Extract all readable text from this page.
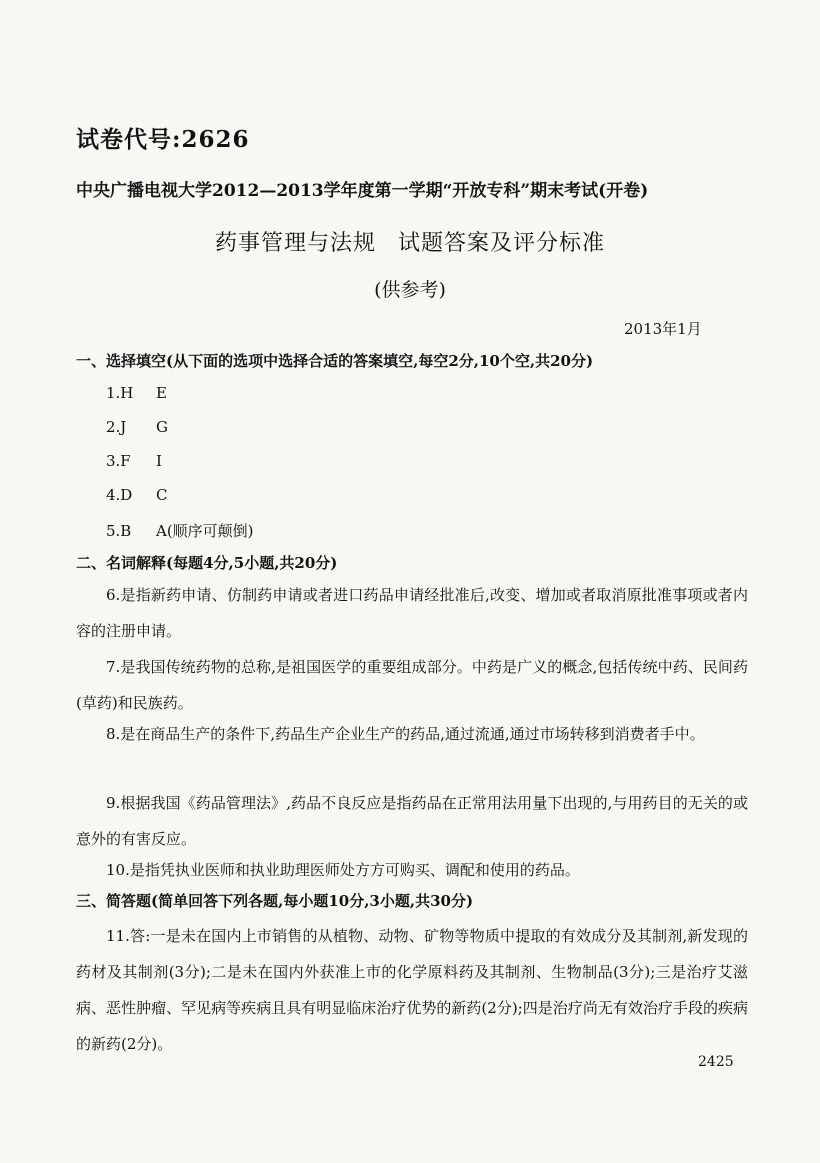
试卷代号:2626
中央广播电视大学2012—2013学年度第一学期“开放专科”期末考试(开卷)
药事管理与法规 试题答案及评分标准
(供参考)
2013年1月
一、选择填空(从下面的选项中选择合适的答案填空,每空2分,10个空,共20分)
1.H E
2.J G
3.F I
4.D C
5.B A(顺序可颠倒)
二、名词解释(每题4分,5小题,共20分)
6.是指新药申请、仿制药申请或者进口药品申请经批准后,改变、增加或者取消原批准事项或者内容的注册申请。
7.是我国传统药物的总称,是祖国医学的重要组成部分。中药是广义的概念,包括传统中药、民间药(草药)和民族药。
8.是在商品生产的条件下,药品生产企业生产的药品,通过流通,通过市场转移到消费者手中。
9.根据我国《药品管理法》,药品不良反应是指药品在正常用法用量下出现的,与用药目的无关的或意外的有害反应。
10.是指凭执业医师和执业助理医师处方方可购买、调配和使用的药品。
三、简答题(简单回答下列各题,每小题10分,3小题,共30分)
11.答:一是未在国内上市销售的从植物、动物、矿物等物质中提取的有效成分及其制剂,新发现的药材及其制剂(3分);二是未在国内外获准上市的化学原料药及其制剂、生物制品(3分);三是治疗艾滋病、恶性肿瘤、罕见病等疾病且具有明显临床治疗优势的新药(2分);四是治疗尚无有效治疗手段的疾病的新药(2分)。
2425
